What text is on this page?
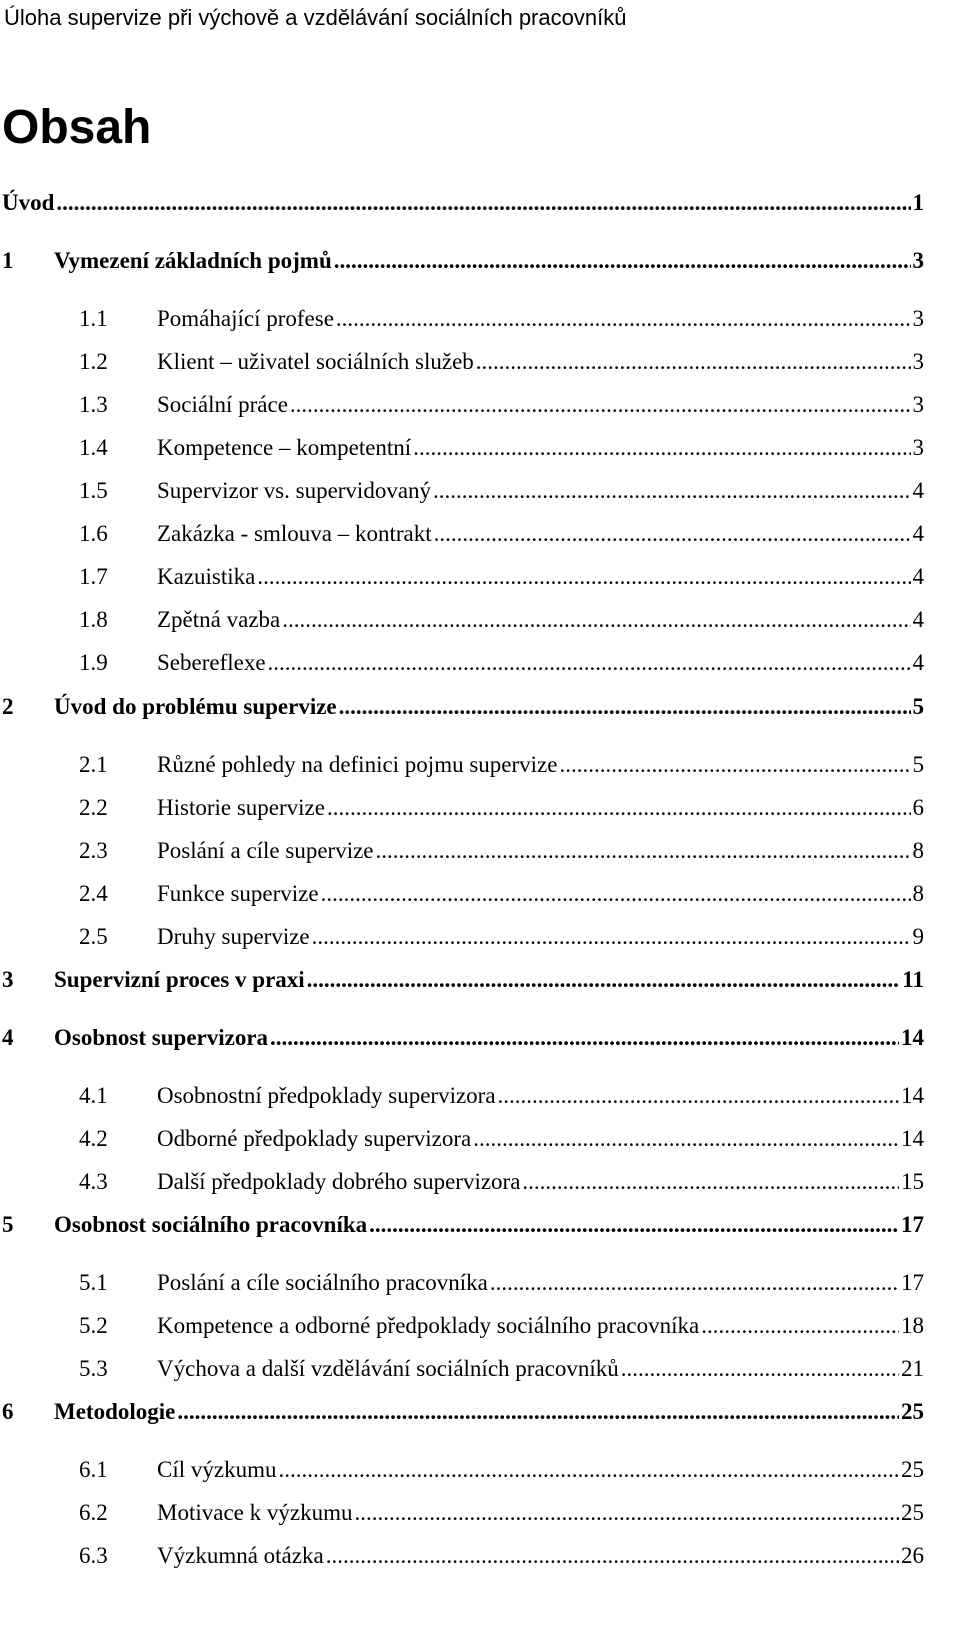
Úloha supervize při výchově a vzdělávání sociálních pracovníků
Obsah
Úvod .....	1
1 Vymezení základních pojmů .....	3
1.1 Pomáhající profese .....	3
1.2 Klient – uživatel sociálních služeb .....	3
1.3 Sociální práce .....	3
1.4 Kompetence – kompetentní .....	3
1.5 Supervizor vs. supervidovaný .....	4
1.6 Zakázka - smlouva – kontrakt .....	4
1.7 Kazuistika .....	4
1.8 Zpětná vazba .....	4
1.9 Sebereflexe .....	4
2 Úvod do problému supervize .....	5
2.1 Různé pohledy na definici pojmu supervize .....	5
2.2 Historie supervize .....	6
2.3 Poslání a cíle supervize .....	8
2.4 Funkce supervize .....	8
2.5 Druhy supervize .....	9
3 Supervizní proces v praxi .....	11
4 Osobnost supervizora .....	14
4.1 Osobnostní předpoklady supervizora .....	14
4.2 Odborné předpoklady supervizora .....	14
4.3 Další předpoklady dobrého supervizora .....	15
5 Osobnost sociálního pracovníka .....	17
5.1 Poslání a cíle sociálního pracovníka .....	17
5.2 Kompetence a odborné předpoklady sociálního pracovníka .....	18
5.3 Výchova a další vzdělávání sociálních pracovníků .....	21
6 Metodologie .....	25
6.1 Cíl výzkumu .....	25
6.2 Motivace k výzkumu .....	25
6.3 Výzkumná otázka .....	26
